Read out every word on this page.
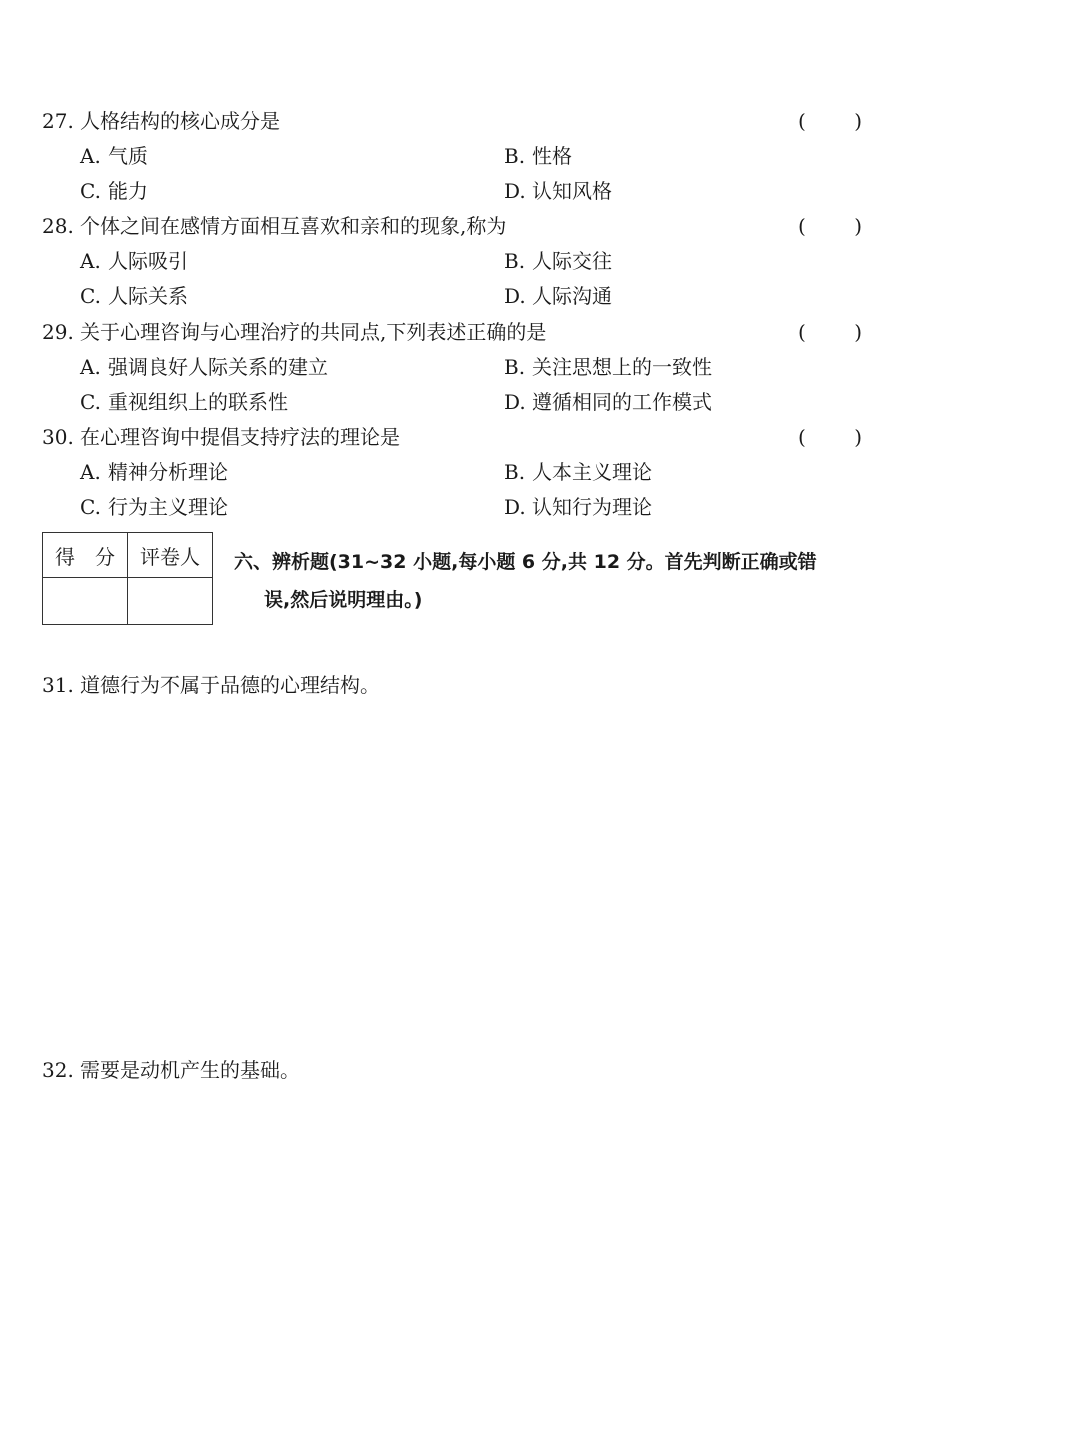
27. 人格结构的核心成分是	( )
A. 气质	B. 性格
C. 能力	D. 认知风格
28. 个体之间在感情方面相互喜欢和亲和的现象,称为	( )
A. 人际吸引	B. 人际交往
C. 人际关系	D. 人际沟通
29. 关于心理咨询与心理治疗的共同点,下列表述正确的是	( )
A. 强调良好人际关系的建立	B. 关注思想上的一致性
C. 重视组织上的联系性	D. 遵循相同的工作模式
30. 在心理咨询中提倡支持疗法的理论是	( )
A. 精神分析理论	B. 人本主义理论
C. 行为主义理论	D. 认知行为理论
得　分	评卷人
	六、辨析题(31~32 小题,每小题 6 分,共 12 分。首先判断正确或错
误,然后说明理由。)
31. 道德行为不属于品德的心理结构。
32. 需要是动机产生的基础。
